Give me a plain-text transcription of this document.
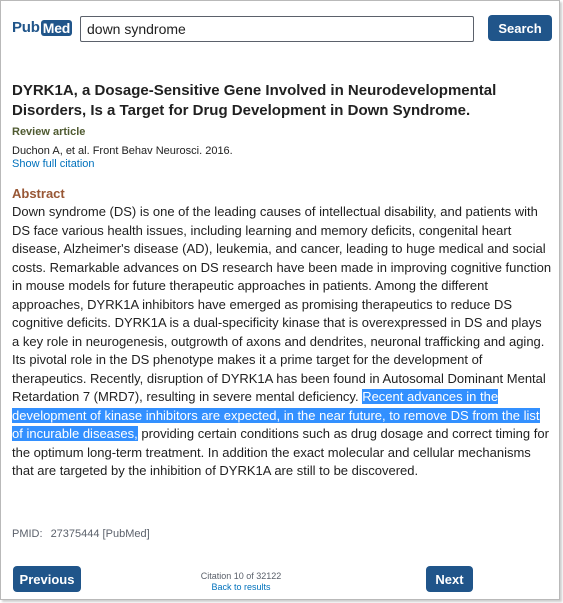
Pub Med
down syndrome	Search
DYRK1A, a Dosage-Sensitive Gene Involved in Neurodevelopmental Disorders, Is a Target for Drug Development in Down Syndrome.
Review article
Duchon A, et al. Front Behav Neurosci. 2016.
Show full citation
Abstract

Down syndrome (DS) is one of the leading causes of intellectual disability, and patients with DS face various health issues, including learning and memory deficits, congenital heart disease, Alzheimer's disease (AD), leukemia, and cancer, leading to huge medical and social costs. Remarkable advances on DS research have been made in improving cognitive function in mouse models for future therapeutic approaches in patients. Among the different approaches, DYRK1A inhibitors have emerged as promising therapeutics to reduce DS cognitive deficits. DYRK1A is a dual-specificity kinase that is overexpressed in DS and plays a key role in neurogenesis, outgrowth of axons and dendrites, neuronal trafficking and aging. Its pivotal role in the DS phenotype makes it a prime target for the development of therapeutics. Recently, disruption of DYRK1A has been found in Autosomal Dominant Mental Retardation 7 (MRD7), resulting in severe mental deficiency. Recent advances in the development of kinase inhibitors are expected, in the near future, to remove DS from the list of incurable diseases, providing certain conditions such as drug dosage and correct timing for the optimum long-term treatment. In addition the exact molecular and cellular mechanisms that are targeted by the inhibition of DYRK1A are still to be discovered.

PMID: 27375444 [PubMed]
Previous	Citation 10 of 32122
Back to results
Next
